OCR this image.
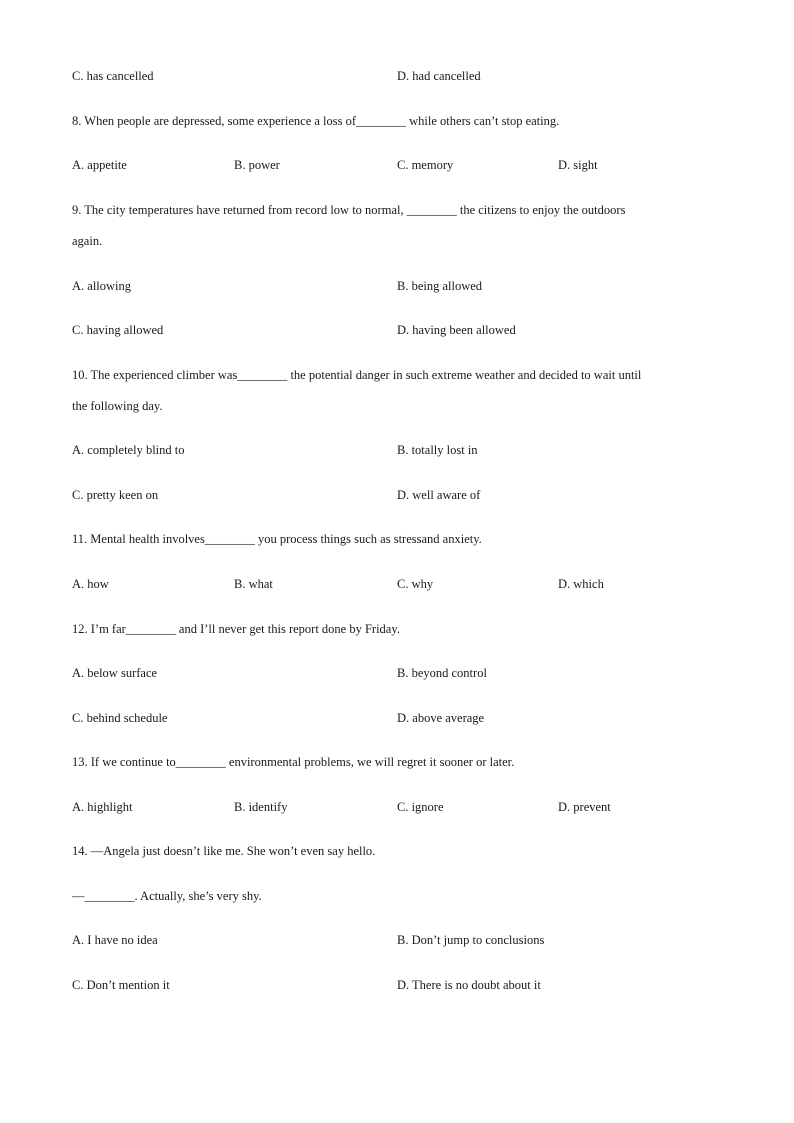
C. has cancelled	D. had cancelled
8. When people are depressed, some experience a loss of________ while others can’t stop eating.
A. appetite	B. power	C. memory	D. sight
9. The city temperatures have returned from record low to normal, ________ the citizens to enjoy the outdoors
again.
A. allowing	B. being allowed
C. having allowed	D. having been allowed
10. The experienced climber was________ the potential danger in such extreme weather and decided to wait until
the following day.
A. completely blind to	B. totally lost in
C. pretty keen on	D. well aware of
11. Mental health involves________ you process things such as stressand anxiety.
A. how	B. what	C. why	D. which
12. I’m far________ and I’ll never get this report done by Friday.
A. below surface	B. beyond control
C. behind schedule	D. above average
13. If we continue to________ environmental problems, we will regret it sooner or later.
A. highlight	B. identify	C. ignore	D. prevent
14. —Angela just doesn’t like me. She won’t even say hello.
—________. Actually, she’s very shy.
A. I have no idea	B. Don’t jump to conclusions
C. Don’t mention it	D. There is no doubt about it
